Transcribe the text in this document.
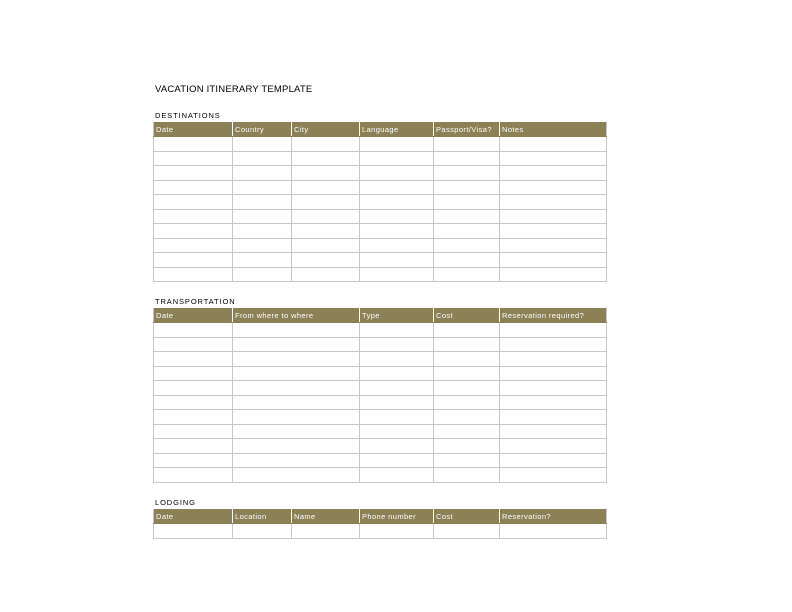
VACATION ITINERARY TEMPLATE
DESTINATIONS
Date	Country	City	Language	Passport/Visa?	Notes

TRANSPORTATION
Date	From where to where	Type	Cost	Reservation required?

LODGING
Date	Location	Name	Phone number	Cost	Reservation?
